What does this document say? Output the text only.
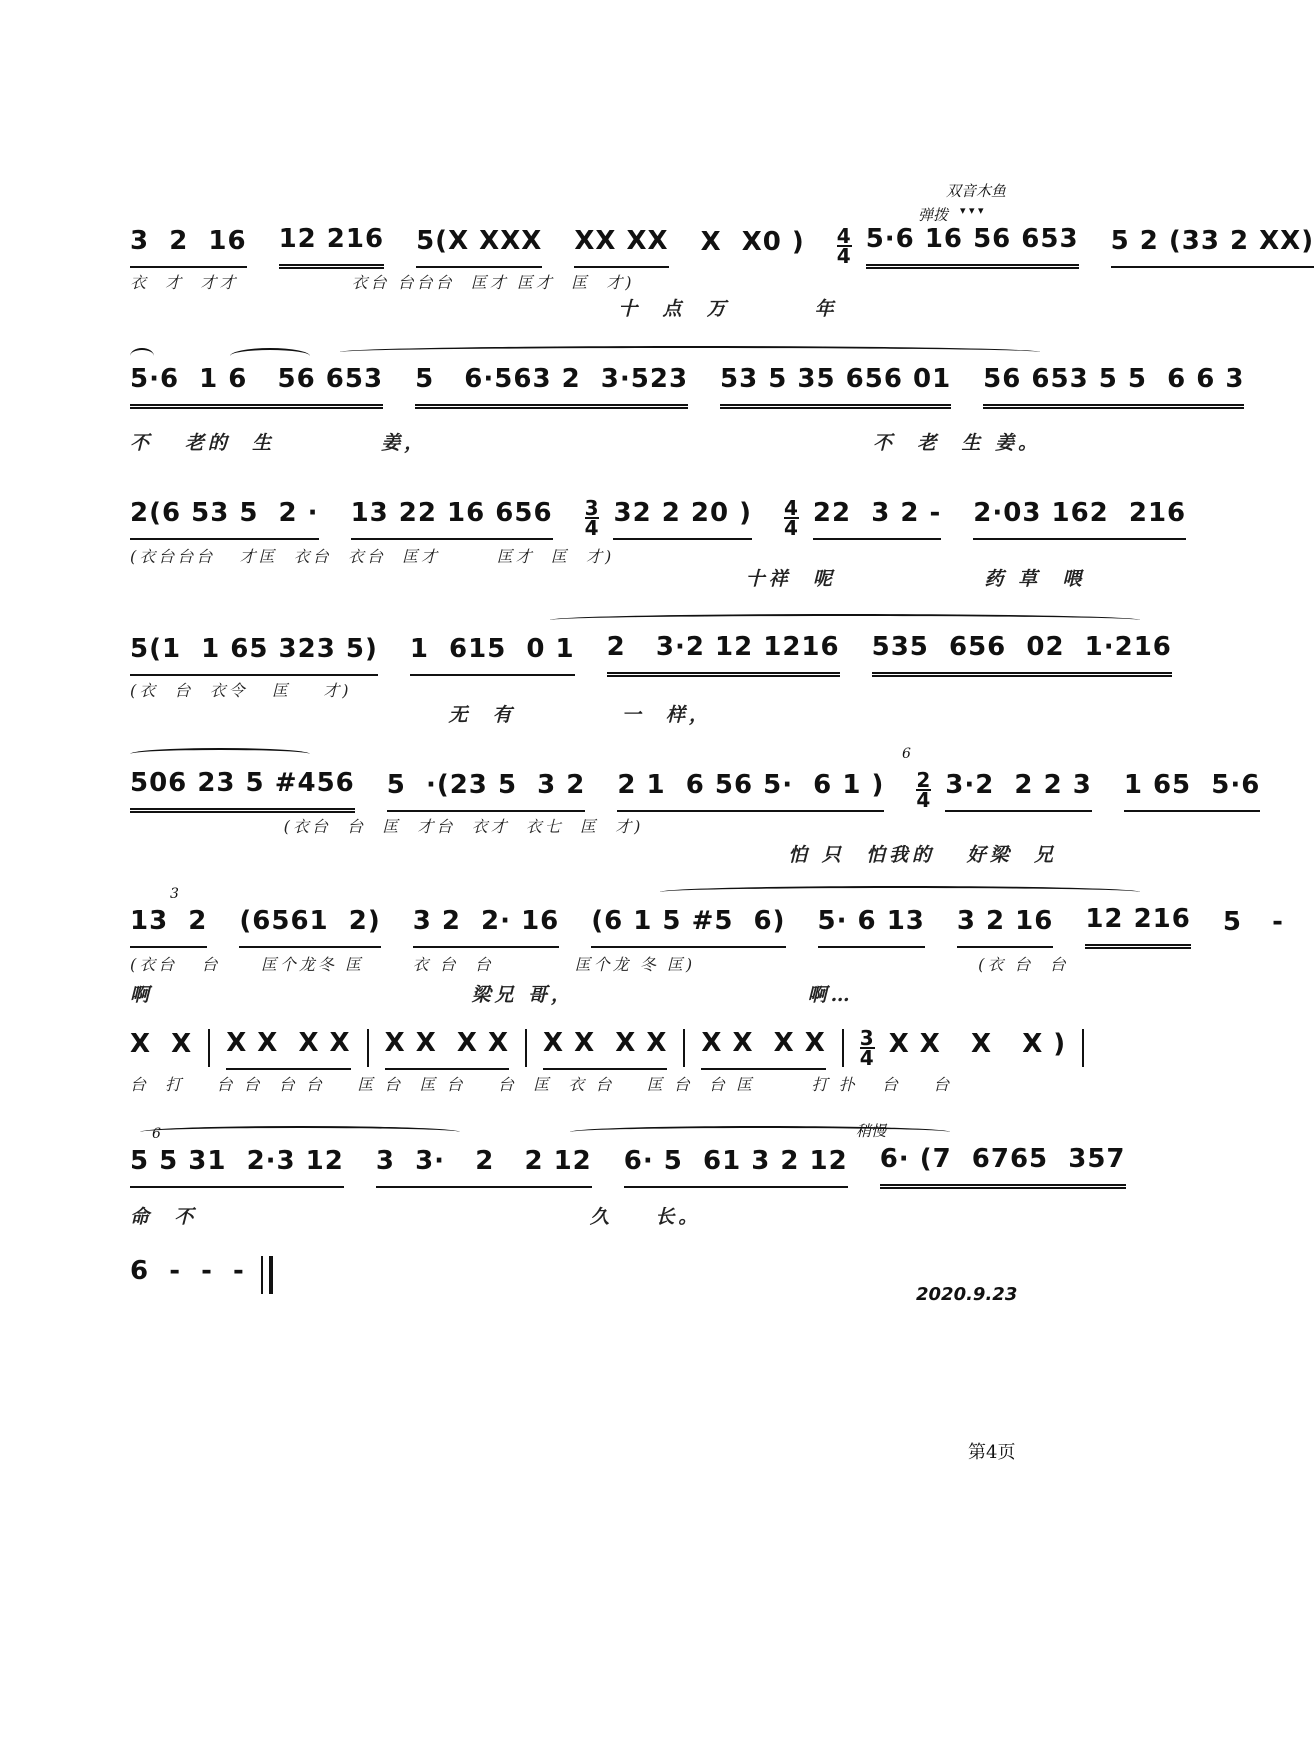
双音木鱼
弹拨 ▾ ▾ ▾
3  2  16 12 216 5(X XXX XX XX X  X0 ) 4
4
5·6 16 56 653 5 2 (33 2 XX)
衣  才  才才              衣台 台台台  匡才 匡才  匡  才)
十  点  万        年
5·6  1 6   56 653 5   6·563 2  3·523 53 5 35 656 01 56 653 5 5  6 6 3
不   老的  生          姜，                                          不  老  生 姜。
2(6 53 5  2 · 13 22 16 656 3
4 32 2 20 ) 4
4 22  3 2 - 2·03 162  216
(衣台台台   才匡  衣台  衣台  匡才       匡才  匡  才)
十祥  呢              药 草  喂
5(1  1 65 323 5) 1  615  0 1 2   3·2 12 1216 535  656  02  1·216
(衣  台  衣令   匡    才)
无  有          一  样，
6
506 23 5 #456 5  ·(23 5  3 2 2 1  6 56 5·  6 1 ) 2
4 3·2  2 2 3 1 65  5·6
(衣台  台  匡  才台  衣才  衣七  匡  才)
怕 只  怕我的   好梁  兄
3
13  2 (6561  2) 3 2  2· 16 (6 1 5 #5  6) 5· 6 13 3 2 16 12 216 5   -
(衣台   台     匡个龙冬 匡      衣 台  台          匡个龙 冬 匡)                                   (衣 台  台
啊                              梁兄 哥，                      啊…
X  X X X  X X X X  X X X X  X X X X  X X 3
4 X X   X   X )
台  打    台 台  台 台    匡 台  匡 台    台  匡  衣 台    匡 台  台 匡       打 扑   台    台
稍慢
6
5 5 31  2·3 12 3  3·   2   2 12 6· 5  61 3 2 12 6· (7  6765  357
命  不                                     久    长。
6  -  -  -
2020.9.23
第4页
